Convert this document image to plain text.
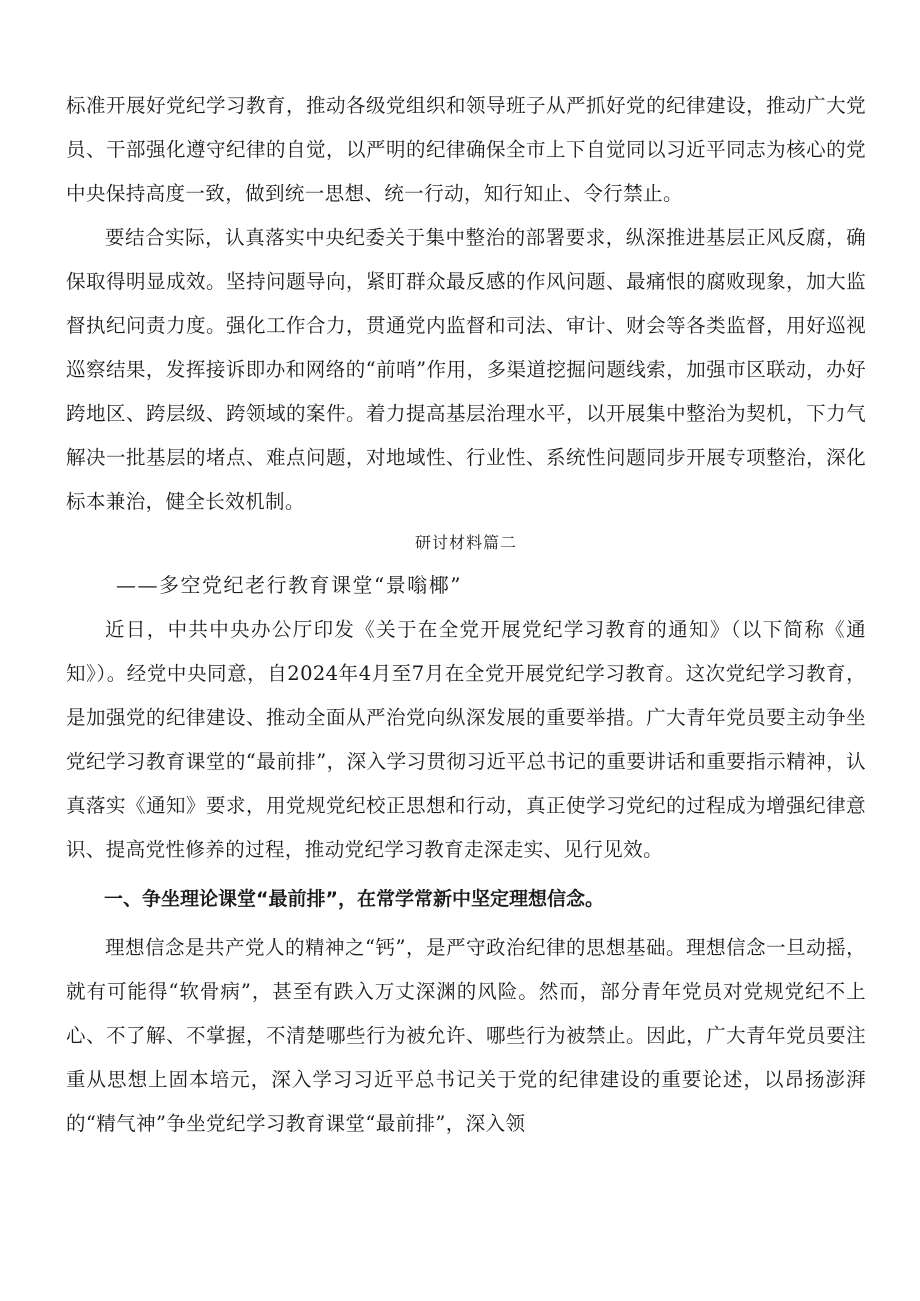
标准开展好党纪学习教育，推动各级党组织和领导班子从严抓好党的纪律建设，推动广大党员、干部强化遵守纪律的自觉，以严明的纪律确保全市上下自觉同以习近平同志为核心的党中央保持高度一致，做到统一思想、统一行动，知行知止、令行禁止。

要结合实际，认真落实中央纪委关于集中整治的部署要求，纵深推进基层正风反腐，确保取得明显成效。坚持问题导向，紧盯群众最反感的作风问题、最痛恨的腐败现象，加大监督执纪问责力度。强化工作合力，贯通党内监督和司法、审计、财会等各类监督，用好巡视巡察结果，发挥接诉即办和网络的“前哨”作用，多渠道挖掘问题线索，加强市区联动，办好跨地区、跨层级、跨领域的案件。着力提高基层治理水平，以开展集中整治为契机，下力气解决一批基层的堵点、难点问题，对地域性、行业性、系统性问题同步开展专项整治，深化标本兼治，健全长效机制。

研讨材料篇二

——多空党纪老行教育课堂“景嗡椰”

近日，中共中央办公厅印发《关于在全党开展党纪学习教育的通知》（以下简称《通知》）。经党中央同意，自2024年4月至7月在全党开展党纪学习教育。这次党纪学习教育，是加强党的纪律建设、推动全面从严治党向纵深发展的重要举措。广大青年党员要主动争坐党纪学习教育课堂的“最前排”，深入学习贯彻习近平总书记的重要讲话和重要指示精神，认真落实《通知》要求，用党规党纪校正思想和行动，真正使学习党纪的过程成为增强纪律意识、提高党性修养的过程，推动党纪学习教育走深走实、见行见效。

一、争坐理论课堂“最前排”，在常学常新中坚定理想信念。

理想信念是共产党人的精神之“钙”，是严守政治纪律的思想基础。理想信念一旦动摇，就有可能得“软骨病”，甚至有跌入万丈深渊的风险。然而，部分青年党员对党规党纪不上心、不了解、不掌握，不清楚哪些行为被允许、哪些行为被禁止。因此，广大青年党员要注重从思想上固本培元，深入学习习近平总书记关于党的纪律建设的重要论述，以昂扬澎湃的“精气神”争坐党纪学习教育课堂“最前排”，深入领
